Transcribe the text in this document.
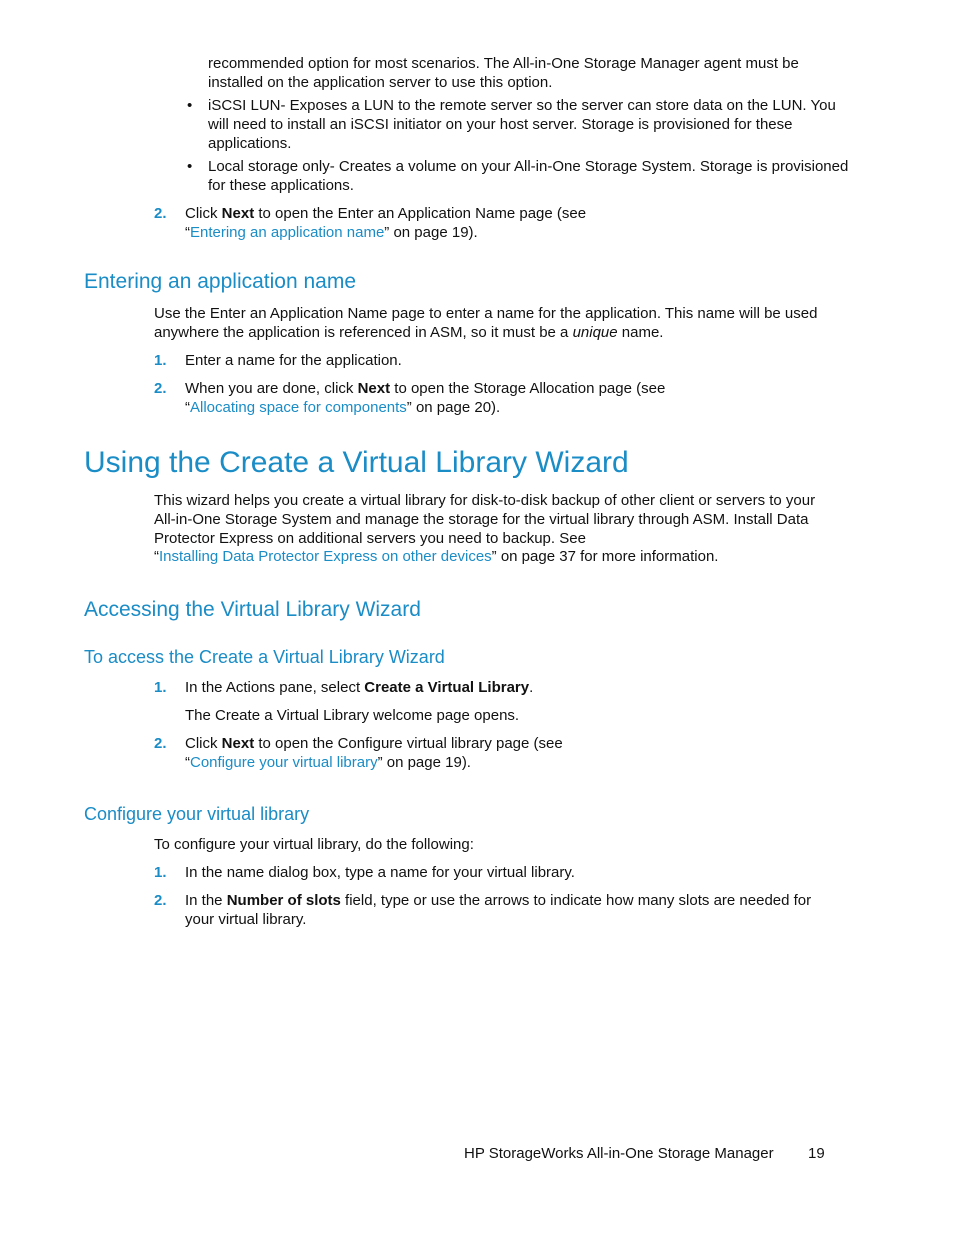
recommended option for most scenarios. The All-in-One Storage Manager agent must be
installed on the application server to use this option.
• iSCSI LUN- Exposes a LUN to the remote server so the server can store data on the LUN. You
will need to install an iSCSI initiator on your host server. Storage is provisioned for these
applications.
• Local storage only- Creates a volume on your All-in-One Storage System. Storage is provisioned
for these applications.
2. Click Next to open the Enter an Application Name page (see
“Entering an application name” on page 19).
Entering an application name
Use the Enter an Application Name page to enter a name for the application. This name will be used
anywhere the application is referenced in ASM, so it must be a unique name.
1. Enter a name for the application.
2. When you are done, click Next to open the Storage Allocation page (see
“Allocating space for components” on page 20).
Using the Create a Virtual Library Wizard
This wizard helps you create a virtual library for disk-to-disk backup of other client or servers to your
All-in-One Storage System and manage the storage for the virtual library through ASM. Install Data
Protector Express on additional servers you need to backup. See
“Installing Data Protector Express on other devices” on page 37 for more information.
Accessing the Virtual Library Wizard
To access the Create a Virtual Library Wizard
1. In the Actions pane, select Create a Virtual Library.
The Create a Virtual Library welcome page opens.
2. Click Next to open the Configure virtual library page (see
“Configure your virtual library” on page 19).
Configure your virtual library
To configure your virtual library, do the following:
1. In the name dialog box, type a name for your virtual library.
2. In the Number of slots field, type or use the arrows to indicate how many slots are needed for
your virtual library.
HP StorageWorks All-in-One Storage Manager 19
